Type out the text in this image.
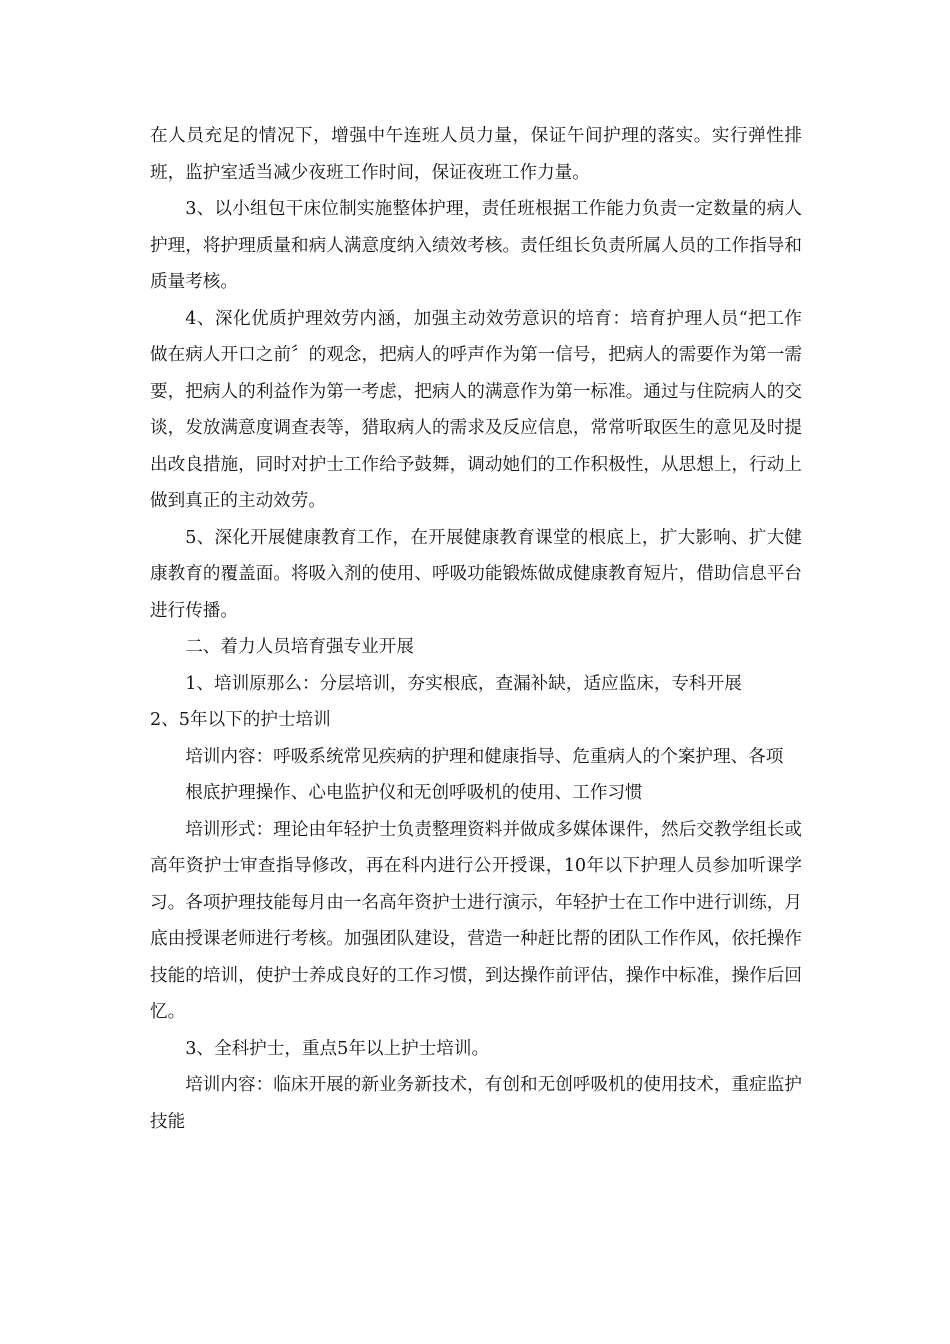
在人员充足的情况下，增强中午连班人员力量，保证午间护理的落实。实行弹性排班，监护室适当减少夜班工作时间，保证夜班工作力量。

3、以小组包干床位制实施整体护理，责任班根据工作能力负责一定数量的病人护理，将护理质量和病人满意度纳入绩效考核。责任组长负责所属人员的工作指导和质量考核。

4、深化优质护理效劳内涵，加强主动效劳意识的培育：培育护理人员“把工作做在病人开口之前〞的观念，把病人的呼声作为第一信号，把病人的需要作为第一需要，把病人的利益作为第一考虑，把病人的满意作为第一标准。通过与住院病人的交谈，发放满意度调查表等，猎取病人的需求及反应信息，常常听取医生的意见及时提出改良措施，同时对护士工作给予鼓舞，调动她们的工作积极性，从思想上，行动上做到真正的主动效劳。

5、深化开展健康教育工作，在开展健康教育课堂的根底上，扩大影响、扩大健康教育的覆盖面。将吸入剂的使用、呼吸功能锻炼做成健康教育短片，借助信息平台进行传播。

二、着力人员培育强专业开展

1、培训原那么：分层培训，夯实根底，查漏补缺，适应监床，专科开展

2、5年以下的护士培训

培训内容：呼吸系统常见疾病的护理和健康指导、危重病人的个案护理、各项

根底护理操作、心电监护仪和无创呼吸机的使用、工作习惯

培训形式：理论由年轻护士负责整理资料并做成多媒体课件，然后交教学组长或高年资护士审查指导修改，再在科内进行公开授课，10年以下护理人员参加听课学习。各项护理技能每月由一名高年资护士进行演示，年轻护士在工作中进行训练，月底由授课老师进行考核。加强团队建设，营造一种赶比帮的团队工作作风，依托操作技能的培训，使护士养成良好的工作习惯，到达操作前评估，操作中标准，操作后回忆。

3、全科护士，重点5年以上护士培训。

培训内容：临床开展的新业务新技术，有创和无创呼吸机的使用技术，重症监护技能
